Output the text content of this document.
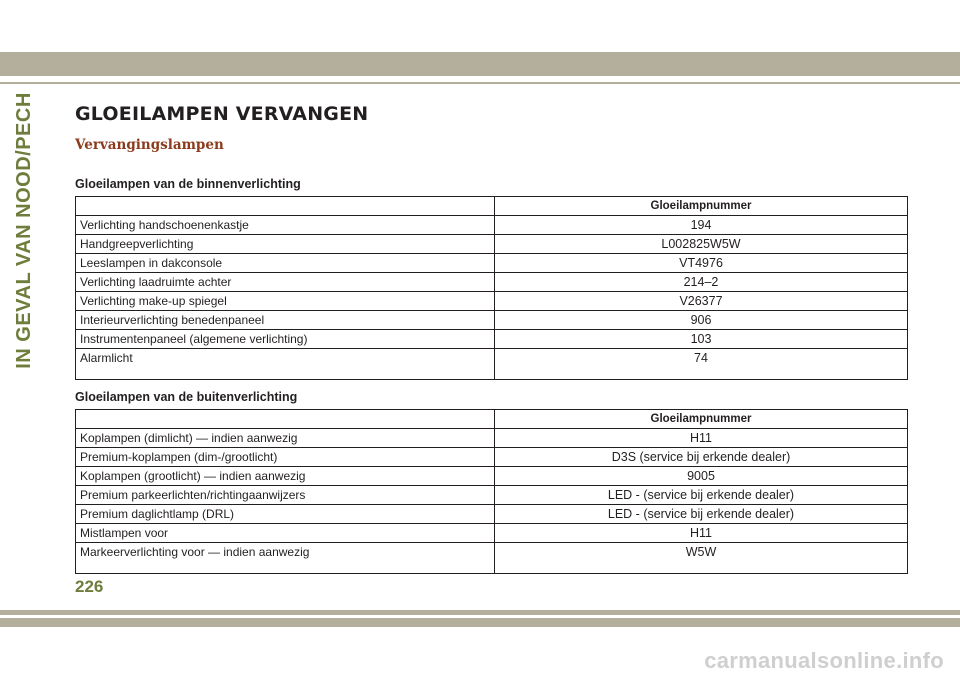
IN GEVAL VAN NOOD/PECH GLOEILAMPEN VERVANGEN
Vervangingslampen

Gloeilampen van de binnenverlichting

	Gloeilampnummer
Verlichting handschoenenkastje	194
Handgreepverlichting	L002825W5W
Leeslampen in dakconsole	VT4976
Verlichting laadruimte achter	214–2
Verlichting make-up spiegel	V26377
Interieurverlichting benedenpaneel	906
Instrumentenpaneel (algemene verlichting)	103
Alarmlicht	74

Gloeilampen van de buitenverlichting

	Gloeilampnummer
Koplampen (dimlicht) — indien aanwezig	H11
Premium-koplampen (dim-/grootlicht)	D3S (service bij erkende dealer)
Koplampen (grootlicht) — indien aanwezig	9005
Premium parkeerlichten/richtingaanwijzers	LED - (service bij erkende dealer)
Premium daglichtlamp (DRL)	LED - (service bij erkende dealer)
Mistlampen voor	H11
Markeerverlichting voor — indien aanwezig	W5W
226
carmanualsonline.info
